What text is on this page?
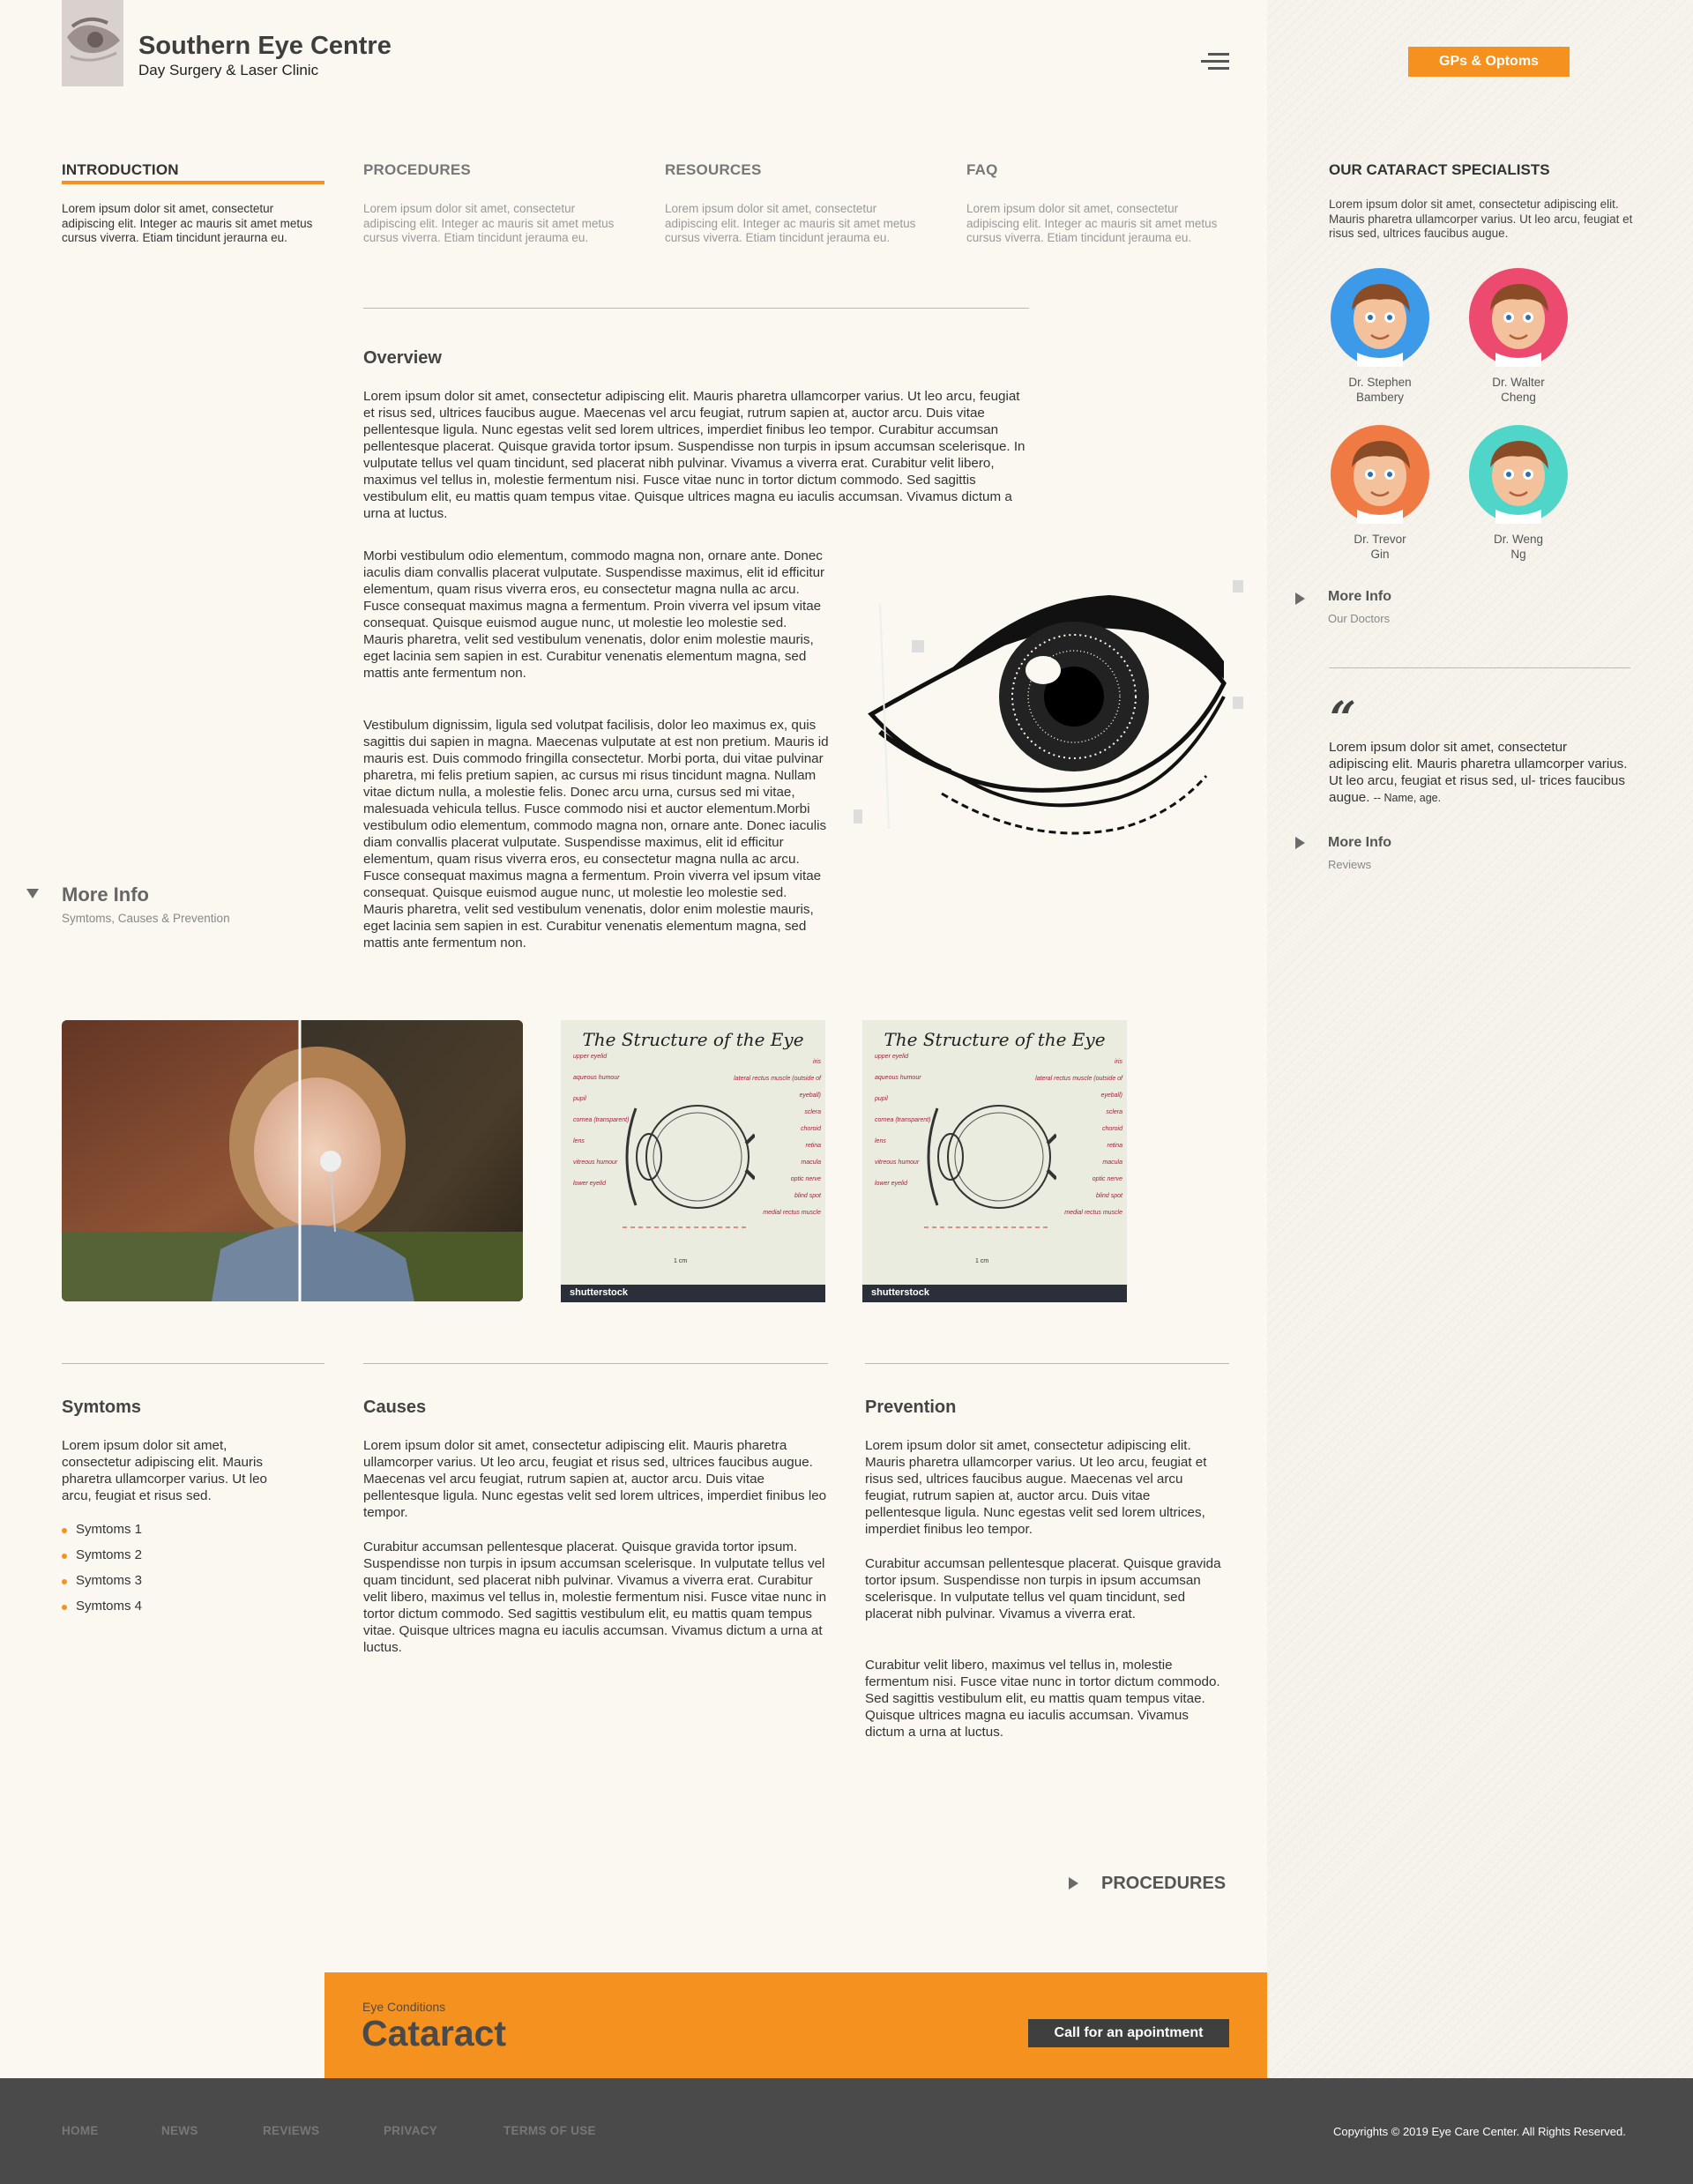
Southern Eye Centre
Day Surgery & Laser Clinic
GPs & Optoms
INTRODUCTION
Lorem ipsum dolor sit amet, consectetur adipiscing elit. Integer ac mauris sit amet metus cursus viverra. Etiam tincidunt jeraurna eu.
PROCEDURES
Lorem ipsum dolor sit amet, consectetur adipiscing elit. Integer ac mauris sit amet metus cursus viverra. Etiam tincidunt jerauma eu.
RESOURCES
Lorem ipsum dolor sit amet, consectetur adipiscing elit. Integer ac mauris sit amet metus cursus viverra. Etiam tincidunt jerauma eu.
FAQ
Lorem ipsum dolor sit amet, consectetur adipiscing elit. Integer ac mauris sit amet metus cursus viverra. Etiam tincidunt jerauma eu.
Overview
Lorem ipsum dolor sit amet, consectetur adipiscing elit. Mauris pharetra ullamcorper varius. Ut leo arcu, feugiat et risus sed, ultrices faucibus augue. Maecenas vel arcu feugiat, rutrum sapien at, auctor arcu. Duis vitae pellentesque ligula. Nunc egestas velit sed lorem ultrices, imperdiet finibus leo tempor. Curabitur accumsan pellentesque placerat. Quisque gravida tortor ipsum. Suspendisse non turpis in ipsum accumsan scelerisque. In vulputate tellus vel quam tincidunt, sed placerat nibh pulvinar. Vivamus a viverra erat. Curabitur velit libero, maximus vel tellus in, molestie fermentum nisi. Fusce vitae nunc in tortor dictum commodo. Sed sagittis vestibulum elit, eu mattis quam tempus vitae. Quisque ultrices magna eu iaculis accumsan. Vivamus dictum a urna at luctus.
Morbi vestibulum odio elementum, commodo magna non, ornare ante. Donec iaculis diam convallis placerat vulputate. Suspendisse maximus, elit id efficitur elementum, quam risus viverra eros, eu consectetur magna nulla ac arcu. Fusce consequat maximus magna a fermentum. Proin viverra vel ipsum vitae consequat. Quisque euismod augue nunc, ut molestie leo molestie sed. Mauris pharetra, velit sed vestibulum venenatis, dolor enim molestie mauris, eget lacinia sem sapien in est. Curabitur venenatis elementum magna, sed mattis ante fermentum non.
Vestibulum dignissim, ligula sed volutpat facilisis, dolor leo maximus ex, quis sagittis dui sapien in magna. Maecenas vulputate at est non pretium. Mauris id mauris est. Duis commodo fringilla consectetur. Morbi porta, dui vitae pulvinar pharetra, mi felis pretium sapien, ac cursus mi risus tincidunt magna. Nullam vitae dictum nulla, a molestie felis. Donec arcu urna, cursus sed mi vitae, malesuada vehicula tellus. Fusce commodo nisi et auctor elementum.Morbi vestibulum odio elementum, commodo magna non, ornare ante. Donec iaculis diam convallis placerat vulputate. Suspendisse maximus, elit id efficitur elementum, quam risus viverra eros, eu consectetur magna nulla ac arcu. Fusce consequat maximus magna a fermentum. Proin viverra vel ipsum vitae consequat. Quisque euismod augue nunc, ut molestie leo molestie sed. Mauris pharetra, velit sed vestibulum venenatis, dolor enim molestie mauris, eget lacinia sem sapien in est. Curabitur venenatis elementum magna, sed mattis ante fermentum non.
More Info
Symtoms, Causes & Prevention
OUR CATARACT SPECIALISTS
Lorem ipsum dolor sit amet, consectetur adipiscing elit. Mauris pharetra ullamcorper varius. Ut leo arcu, feugiat et risus sed, ultrices faucibus augue.
Dr. Stephen
Bambery
Dr. Walter
Cheng
Dr. Trevor
Gin
Dr. Weng
Ng
More Info
Our Doctors
“
Lorem ipsum dolor sit amet, consectetur adipiscing elit. Mauris pharetra ullamcorper varius. Ut leo arcu, feugiat et risus sed, ul- trices faucibus augue. -- Name, age.
More Info
Reviews
The Structure of the Eye
upper eyelid
aqueous humour
pupil
cornea (transparent)
lens
vitreous humour
lower eyelid
iris
lateral rectus muscle (outside of eyeball)
sclera
choroid
retina
macula
optic nerve
blind spot
medial rectus muscle
1 cm
shutterstock
The Structure of the Eye
upper eyelid
aqueous humour
pupil
cornea (transparent)
lens
vitreous humour
lower eyelid
iris
lateral rectus muscle (outside of eyeball)
sclera
choroid
retina
macula
optic nerve
blind spot
medial rectus muscle
1 cm
shutterstock
Symtoms
Lorem ipsum dolor sit amet, consectetur adipiscing elit. Mauris pharetra ullamcorper varius. Ut leo arcu, feugiat et risus sed.
Symtoms 1
Symtoms 2
Symtoms 3
Symtoms 4
Causes
Lorem ipsum dolor sit amet, consectetur adipiscing elit. Mauris pharetra ullamcorper varius. Ut leo arcu, feugiat et risus sed, ultrices faucibus augue. Maecenas vel arcu feugiat, rutrum sapien at, auctor arcu. Duis vitae pellentesque ligula. Nunc egestas velit sed lorem ultrices, imperdiet finibus leo tempor.
Curabitur accumsan pellentesque placerat. Quisque gravida tortor ipsum. Suspendisse non turpis in ipsum accumsan scelerisque. In vulputate tellus vel quam tincidunt, sed placerat nibh pulvinar. Vivamus a viverra erat. Curabitur velit libero, maximus vel tellus in, molestie fermentum nisi. Fusce vitae nunc in tortor dictum commodo. Sed sagittis vestibulum elit, eu mattis quam tempus vitae. Quisque ultrices magna eu iaculis accumsan. Vivamus dictum a urna at luctus.
Prevention
Lorem ipsum dolor sit amet, consectetur adipiscing elit. Mauris pharetra ullamcorper varius. Ut leo arcu, feugiat et risus sed, ultrices faucibus augue. Maecenas vel arcu feugiat, rutrum sapien at, auctor arcu. Duis vitae pellentesque ligula. Nunc egestas velit sed lorem ultrices, imperdiet finibus leo tempor.
Curabitur accumsan pellentesque placerat. Quisque gravida tortor ipsum. Suspendisse non turpis in ipsum accumsan scelerisque. In vulputate tellus vel quam tincidunt, sed placerat nibh pulvinar. Vivamus a viverra erat.
Curabitur velit libero, maximus vel tellus in, molestie fermentum nisi. Fusce vitae nunc in tortor dictum commodo. Sed sagittis vestibulum elit, eu mattis quam tempus vitae. Quisque ultrices magna eu iaculis accumsan. Vivamus dictum a urna at luctus.
PROCEDURES
Eye Conditions
Cataract	Call for an apointment
HOME	NEWS	REVIEWS	PRIVACY	TERMS OF USE	Copyrights © 2019 Eye Care Center. All Rights Reserved.
